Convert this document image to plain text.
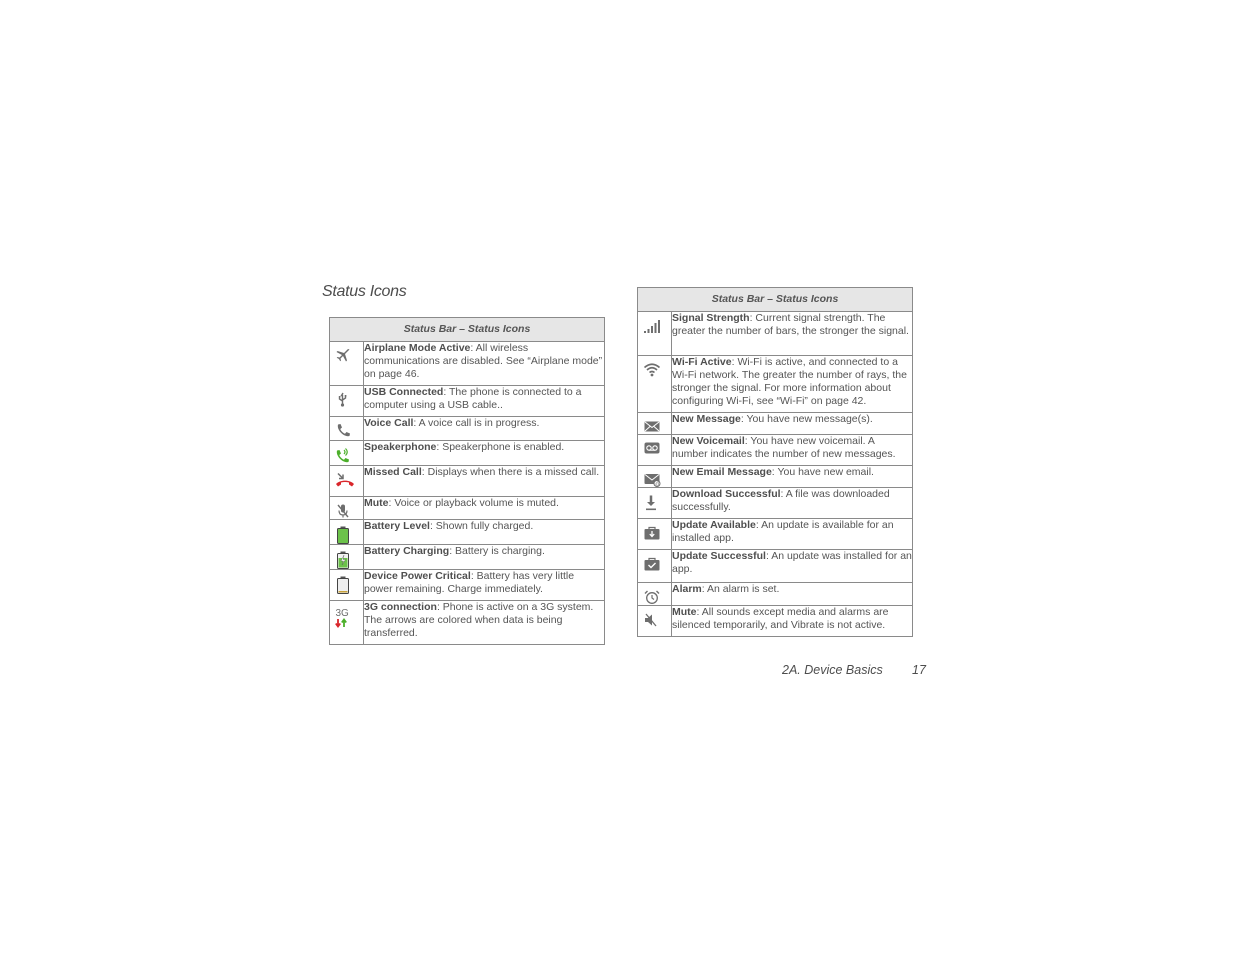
Status Icons
Status Bar – Status Icons	

	Airplane Mode Active: All wireless communications are disabled. See “Airplane mode” on page 46.

	USB Connected: The phone is connected to a computer using a USB cable..

	Voice Call: A voice call is in progress.

	Speakerphone: Speakerphone is enabled.

	Missed Call: Displays when there is a missed call.

	Mute: Voice or playback volume is muted.

	Battery Level: Shown fully charged.

	Battery Charging: Battery is charging.

	Device Power Critical: Battery has very little power remaining. Charge immediately.

3G	3G connection: Phone is active on a 3G system. The arrows are colored when data is being transferred.
Status Bar – Status Icons	

	Signal Strength: Current signal strength. The greater the number of bars, the stronger the signal.

	Wi-Fi Active: Wi-Fi is active, and connected to a Wi-Fi network. The greater the number of rays, the stronger the signal. For more information about configuring Wi-Fi, see “Wi-Fi” on page 42.

	New Message: You have new message(s).

	New Voicemail: You have new voicemail. A number indicates the number of new messages.

@	New Email Message: You have new email.

	Download Successful: A file was downloaded successfully.

	Update Available: An update is available for an installed app.

	Update Successful: An update was installed for an app.

	Alarm: An alarm is set.

	Mute: All sounds except media and alarms are silenced temporarily, and Vibrate is not active.
2A. Device Basics 17
